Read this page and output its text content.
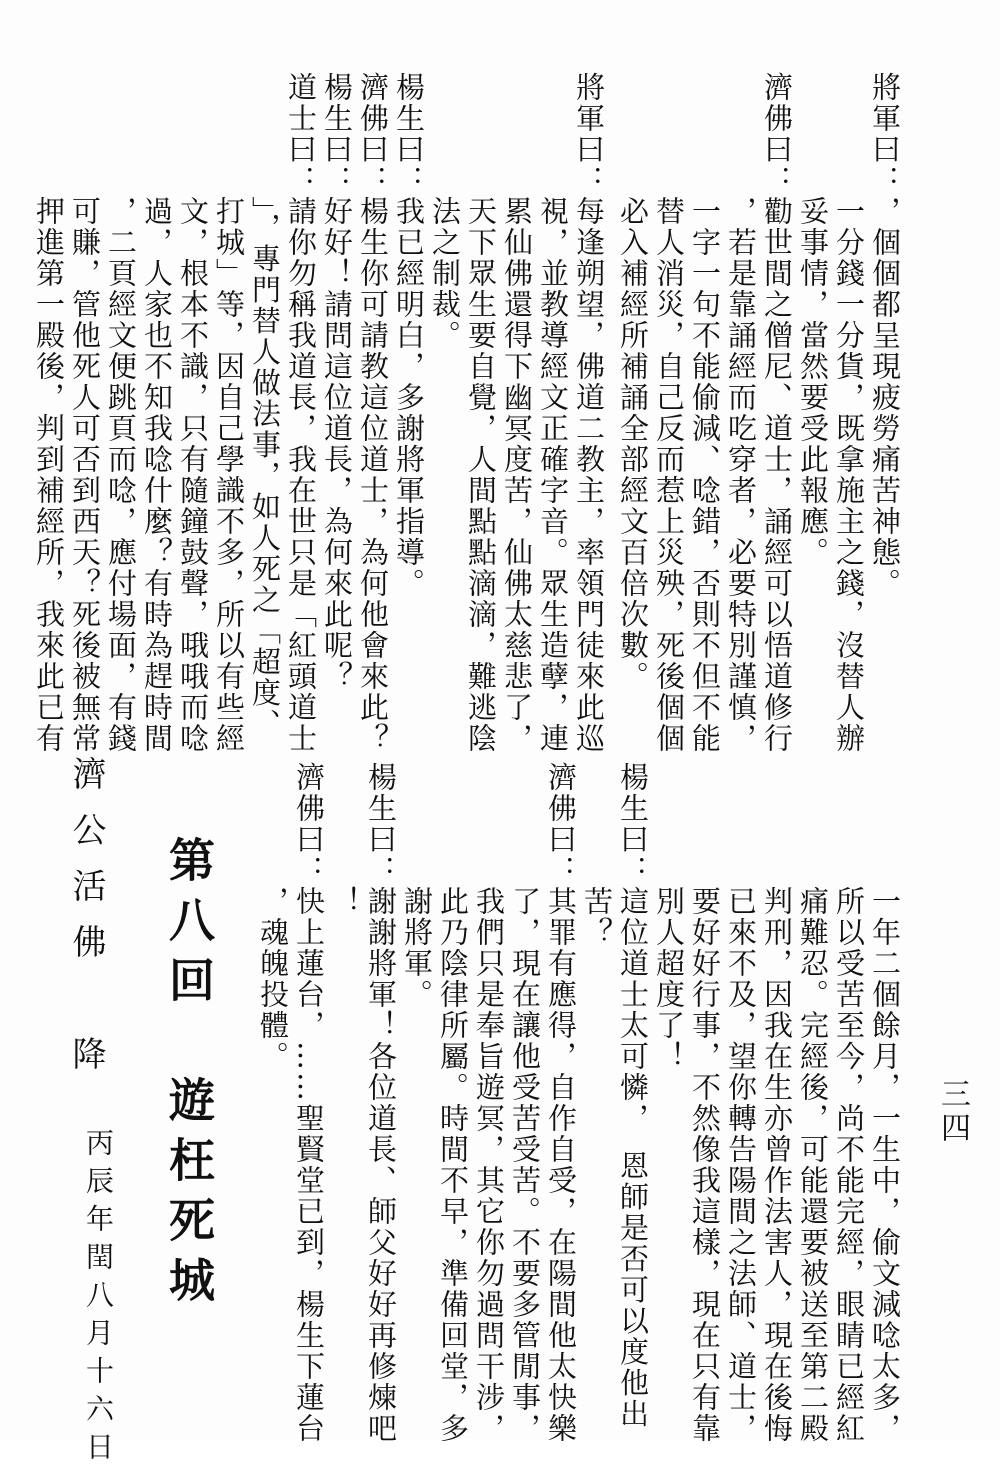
三四
將軍曰：，個個都呈現疲勞痛苦神態。
　　　　一分錢一分貨，既拿施主之錢，沒替人辦
　　　　妥事情，當然要受此報應。
濟佛曰：勸世間之僧尼、道士，誦經可以悟道修行
　　　　，若是靠誦經而吃穿者，必要特別謹慎，
　　　　一字一句不能偷減、唸錯，否則不但不能
　　　　替人消災，自己反而惹上災殃，死後個個
　　　　必入補經所補誦全部經文百倍次數。
將軍曰：每逢朔望，佛道二教主，率領門徒來此巡
　　　　視，並教導經文正確字音。眾生造孽，連
　　　　累仙佛還得下幽冥度苦，仙佛太慈悲了，
　　　　天下眾生要自覺，人間點點滴滴，難逃陰
　　　　法之制裁。
楊生曰：我已經明白，多謝將軍指導。
濟佛曰：楊生你可請教這位道士，為何他會來此？
楊生曰：好好！請問這位道長，為何來此呢？
道士曰：請你勿稱我道長，我在世只是「紅頭道士
　　　　」，專門替人做法事，如人死之「超度、
　　　　打城」等，因自己學識不多，所以有些經
　　　　文，根本不識，只有隨鐘鼓聲，哦哦而唸
　　　　過，人家也不知我唸什麼？有時為趕時間
　　　　，二頁經文便跳頁而唸，應付場面，有錢
　　　　可賺，管他死人可否到西天？死後被無常
　　　　押進第一殿後，判到補經所，我來此已有
　　　　一年二個餘月，一生中，偷文減唸太多，
　　　　所以受苦至今，尚不能完經，眼睛已經紅
　　　　痛難忍。完經後，可能還要被送至第二殿
　　　　判刑，因我在生亦曾作法害人，現在後悔
　　　　已來不及，望你轉告陽間之法師、道士，
　　　　要好好行事，不然像我這樣，現在只有靠
　　　　別人超度了！
楊生曰：這位道士太可憐，　恩師是否可以度他出
　　　　苦？
濟佛曰：其罪有應得，自作自受，在陽間他太快樂
　　　　了，現在讓他受苦受苦。不要多管閒事，
　　　　我們只是奉旨遊冥，其它你勿過問干涉，
　　　　此乃陰律所屬。時間不早，準備回堂，多
　　　　謝將軍。
楊生曰：謝謝將軍！各位道長、師父好好再修煉吧
　　　　！
濟佛曰：快上蓮台，……聖賢堂已到，楊生下蓮台
　　　　，魂魄投體。
第八回　遊枉死城
濟公活佛　降
丙辰年閏八月十六日
